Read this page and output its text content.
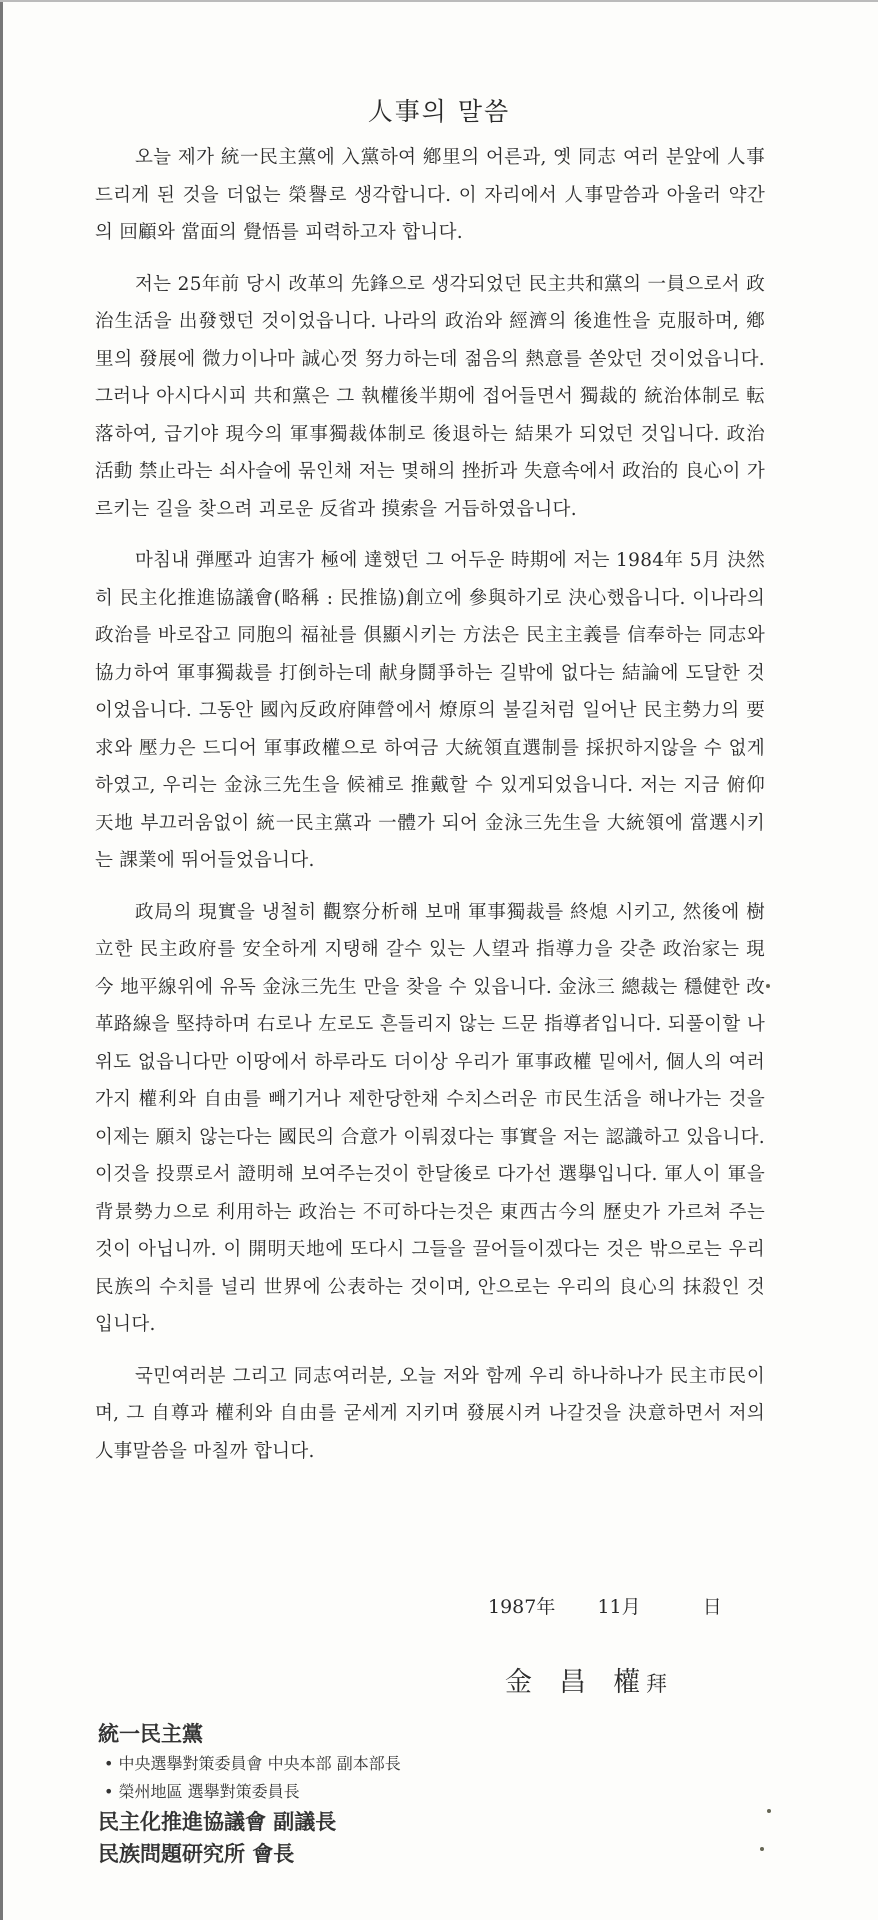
人事의 말씀

오늘 제가 統一民主黨에 入黨하여 鄕里의 어른과, 옛 同志 여러 분앞에 人事드리게 된 것을 더없는 榮譽로 생각합니다. 이 자리에서 人事말씀과 아울러 약간의 回顧와 當面의 覺悟를 피력하고자 합니다.

저는 25年前 당시 改革의 先鋒으로 생각되었던 民主共和黨의 一員으로서 政治生活을 出發했던 것이었읍니다. 나라의 政治와 經濟의 後進性을 克服하며, 鄕里의 發展에 微力이나마 誠心껏 努力하는데 젊음의 熱意를 쏟았던 것이었읍니다. 그러나 아시다시피 共和黨은 그 執權後半期에 접어들면서 獨裁的 統治体制로 転落하여, 급기야 現今의 軍事獨裁体制로 後退하는 結果가 되었던 것입니다. 政治活動 禁止라는 쇠사슬에 묶인채 저는 몇해의 挫折과 失意속에서 政治的 良心이 가르키는 길을 찾으려 괴로운 反省과 摸索을 거듭하였읍니다.

마침내 弾壓과 迫害가 極에 達했던 그 어두운 時期에 저는 1984年 5月 決然히 民主化推進協議會(略稱 : 民推協)創立에 參與하기로 決心했읍니다. 이나라의 政治를 바로잡고 同胞의 福祉를 俱顯시키는 方法은 民主主義를 信奉하는 同志와 協力하여 軍事獨裁를 打倒하는데 献身鬪爭하는 길밖에 없다는 結論에 도달한 것이었읍니다. 그동안 國內反政府陣營에서 燎原의 불길처럼 일어난 民主勢力의 要求와 壓力은 드디어 軍事政權으로 하여금 大統領直選制를 採択하지않을 수 없게 하였고, 우리는 金泳三先生을 候補로 推戴할 수 있게되었읍니다. 저는 지금 俯仰天地 부끄러움없이 統一民主黨과 一體가 되어 金泳三先生을 大統領에 當選시키는 課業에 뛰어들었읍니다.

政局의 現實을 냉철히 觀察分析해 보매 軍事獨裁를 終熄 시키고, 然後에 樹立한 民主政府를 安全하게 지탱해 갈수 있는 人望과 指導力을 갖춘 政治家는 現今 地平線위에 유독 金泳三先生 만을 찾을 수 있읍니다. 金泳三 總裁는 穩健한 改革路線을 堅持하며 右로나 左로도 흔들리지 않는 드문 指導者입니다. 되풀이할 나위도 없읍니다만 이땅에서 하루라도 더이상 우리가 軍事政權 밑에서, 個人의 여러가지 權利와 自由를 빼기거나 제한당한채 수치스러운 市民生活을 해나가는 것을 이제는 願치 않는다는 國民의 合意가 이뤄졌다는 事實을 저는 認識하고 있읍니다. 이것을 投票로서 證明해 보여주는것이 한달後로 다가선 選擧입니다. 軍人이 軍을 背景勢力으로 利用하는 政治는 不可하다는것은 東西古今의 歷史가 가르쳐 주는것이 아닙니까. 이 開明天地에 또다시 그들을 끌어들이겠다는 것은 밖으로는 우리 民族의 수치를 널리 世界에 公表하는 것이며, 안으로는 우리의 良心의 抹殺인 것입니다.

국민여러분 그리고 同志여러분, 오늘 저와 함께 우리 하나하나가 民主市民이며, 그 自尊과 權利와 自由를 굳세게 지키며 發展시켜 나갈것을 決意하면서 저의 人事말씀을 마칠까 합니다.

1987年 11月	日
金　昌　權 拜
統一民主黨
• 中央選擧對策委員會 中央本部 副本部長
• 榮州地區 選擧對策委員長
民主化推進協議會 副議長
民族問題研究所 會長
